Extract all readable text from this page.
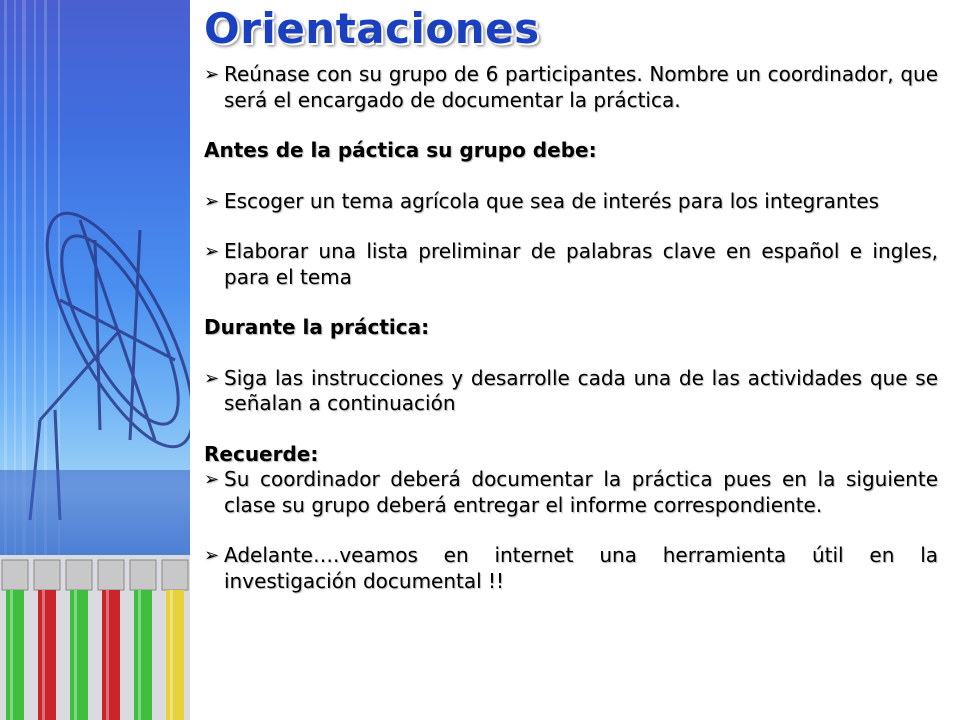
Orientaciones
➢ Reúnase con su grupo de 6 participantes. Nombre un coordinador, que será el encargado de documentar la práctica.
Antes de la páctica su grupo debe:
➢ Escoger un tema agrícola que sea de interés para los integrantes
➢ Elaborar una lista preliminar de palabras clave en español e ingles, para el tema
Durante la práctica:
➢ Siga las instrucciones y desarrolle cada una de las actividades que se señalan a continuación
Recuerde:
➢ Su coordinador deberá documentar la práctica pues en la siguiente clase su grupo deberá entregar el informe correspondiente.
➢ Adelante….veamos en internet una herramienta útil en la investigación documental !!
